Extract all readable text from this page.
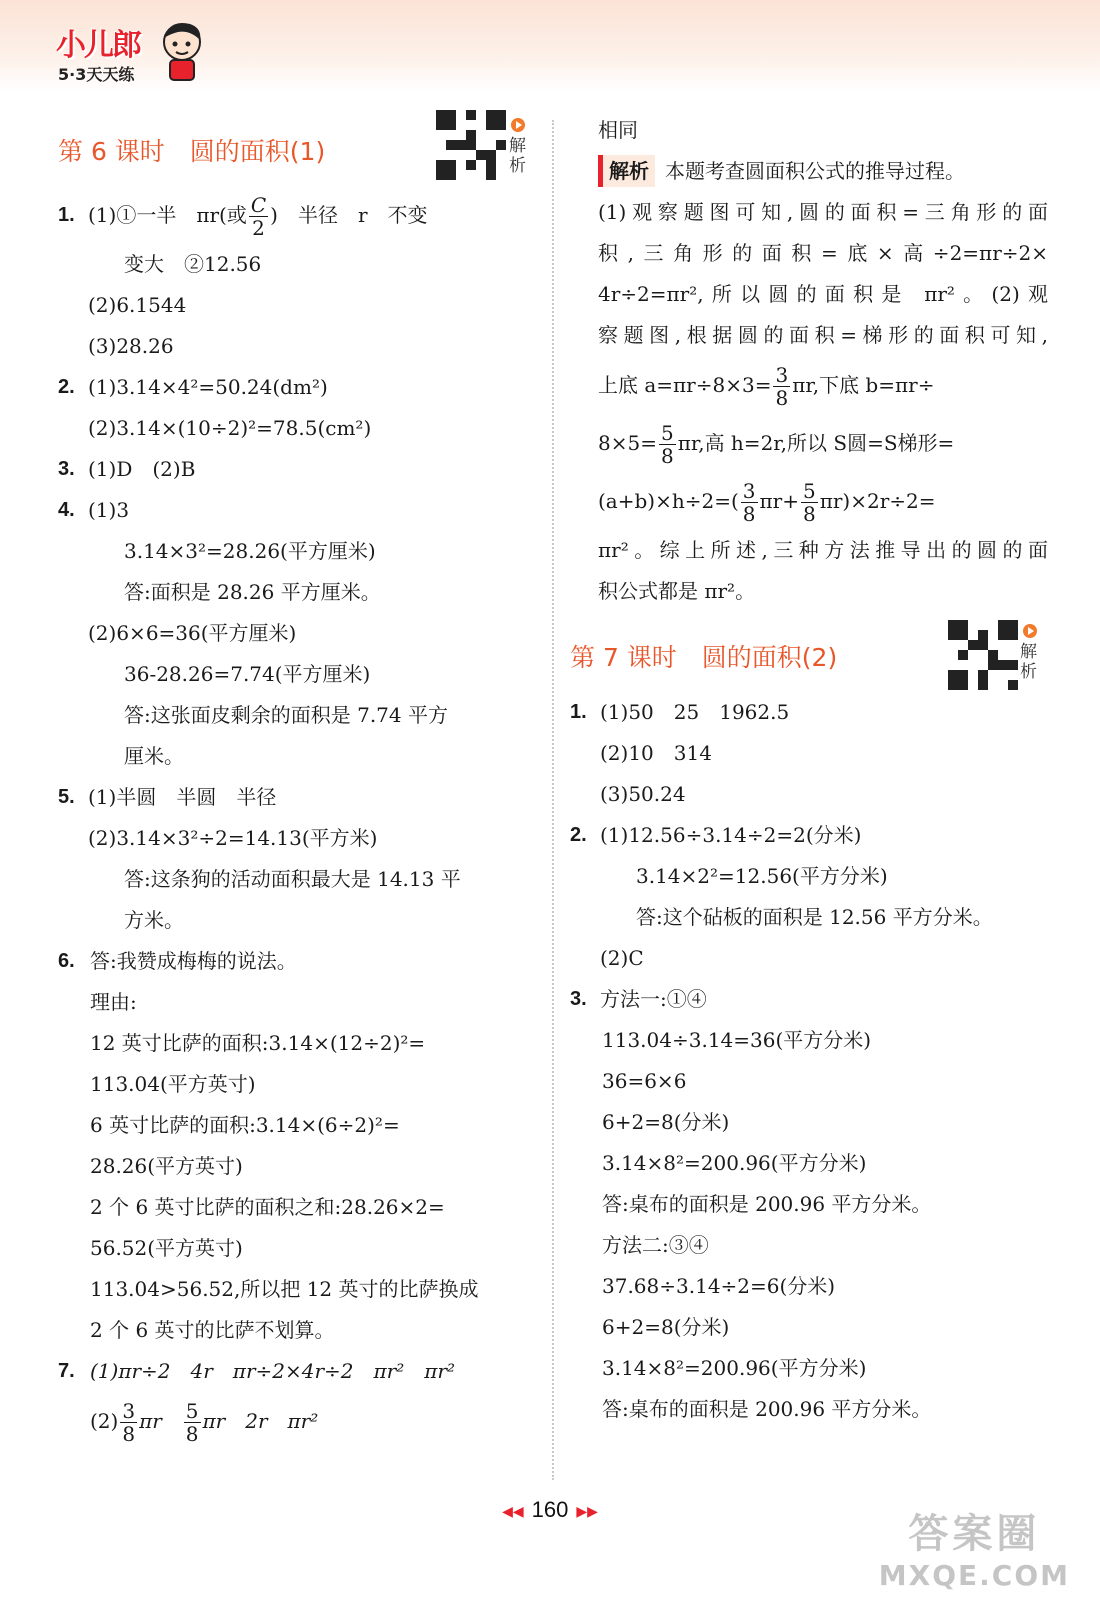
小儿郎
5·3天天练
第 6 课时　圆的面积(1)	解析
1. (1)①一半　πr(或 $\frac{C}{2}$ )　半径　r　不变
变大　②12.56
(2)6.1544
(3)28.26
2. (1)3.14×4²=50.24(dm²)
(2)3.14×(10÷2)²=78.5(cm²)
3. (1)D　(2)B
4. (1)3
3.14×3²=28.26(平方厘米)
答:面积是 28.26 平方厘米。
(2)6×6=36(平方厘米)
36-28.26=7.74(平方厘米)
答:这张面皮剩余的面积是 7.74 平方
厘米。
5. (1)半圆　半圆　半径
(2)3.14×3²÷2=14.13(平方米)
答:这条狗的活动面积最大是 14.13 平
方米。
6. 答:我赞成梅梅的说法。
理由:
12 英寸比萨的面积:3.14×(12÷2)²=
113.04(平方英寸)
6 英寸比萨的面积:3.14×(6÷2)²=
28.26(平方英寸)
2 个 6 英寸比萨的面积之和:28.26×2=
56.52(平方英寸)
113.04>56.52,所以把 12 英寸的比萨换成
2 个 6 英寸的比萨不划算。
7. (1)πr÷2　4r　πr÷2×4r÷2　πr²　πr²
$(2) \frac{3}{8}$ πr　 $\frac{5}{8}$ πr　2r　πr²
相同
解析 本题考查圆面积公式的推导过程。
(1)观察题图可知,圆的面积=三角形的面
积,三角形的面积=底×高÷2=πr÷2×
4r÷2=πr²,所以圆的面积是 πr²。(2)观
察题图,根据圆的面积=梯形的面积可知,
上底 $a=\pi r\div 8\times 3= \frac{3}{8} \pi r$,下底 b=πr÷
$8\times 5= \frac{5}{8} \pi r$,高 h=2r,所以 S圆=S梯形=
$(a+b)\times h\div 2=( \frac{3}{8} \pi r+ \frac{5}{8} \pi r)\times 2r\div 2=$
πr²。综上所述,三种方法推导出的圆的面
积公式都是 πr²。
第 7 课时　圆的面积(2)	解析
1. (1)50　25　1962.5
(2)10　314
(3)50.24
2. (1)12.56÷3.14÷2=2(分米)
3.14×2²=12.56(平方分米)
答:这个砧板的面积是 12.56 平方分米。
(2)C
3. 方法一:①④
113.04÷3.14=36(平方分米)
36=6×6
6+2=8(分米)
3.14×8²=200.96(平方分米)
答:桌布的面积是 200.96 平方分米。
方法二:③④
37.68÷3.14÷2=6(分米)
6+2=8(分米)
3.14×8²=200.96(平方分米)
答:桌布的面积是 200.96 平方分米。
◀◀ 160 ▶▶
答案圈
MXQE.COM
